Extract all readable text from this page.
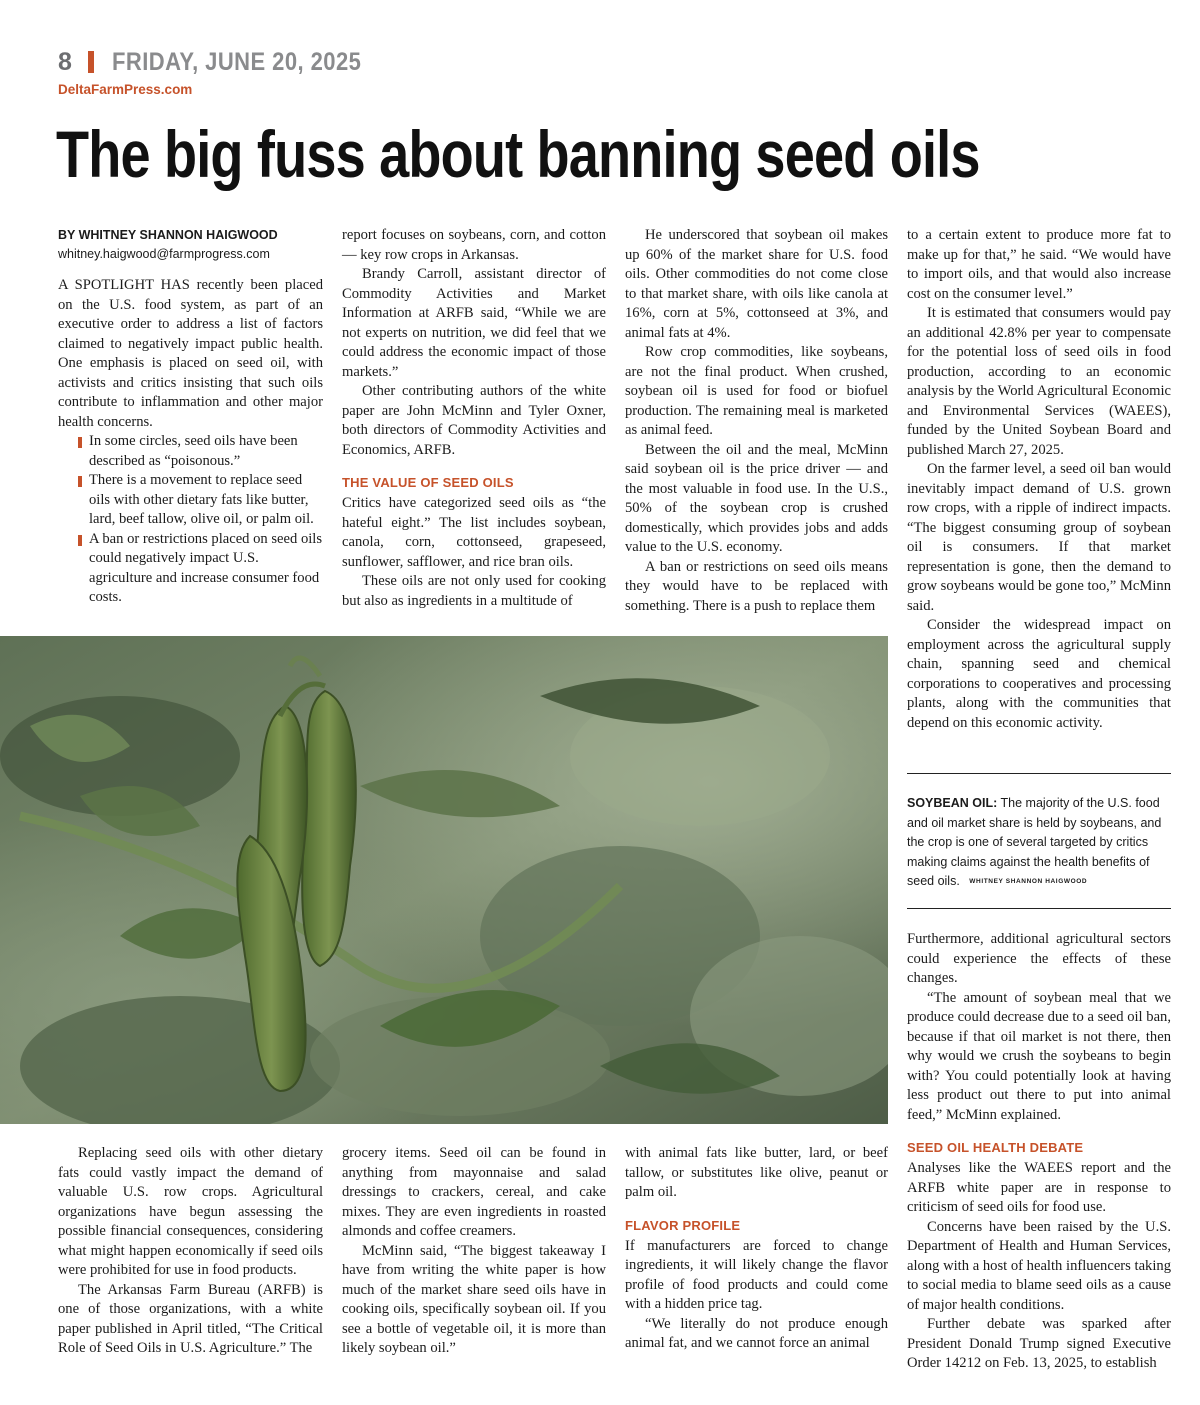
8 FRIDAY, JUNE 20, 2025
DeltaFarmPress.com
The big fuss about banning seed oils
BY WHITNEY SHANNON HAIGWOOD
whitney.haigwood@farmprogress.com

A SPOTLIGHT HAS recently been placed on the U.S. food system, as part of an executive order to address a list of factors claimed to negatively impact public health. One emphasis is placed on seed oil, with activists and critics insisting that such oils contribute to inflammation and other major health concerns.

In some circles, seed oils have been described as “poisonous.”
There is a movement to replace seed oils with other dietary fats like butter, lard, beef tallow, olive oil, or palm oil.
A ban or restrictions placed on seed oils could negatively impact U.S. agriculture and increase consumer food costs.

report focuses on soybeans, corn, and cotton — key row crops in Arkansas.

Brandy Carroll, assistant director of Commodity Activities and Market Information at ARFB said, “While we are not experts on nutrition, we did feel that we could address the economic impact of those markets.”

Other contributing authors of the white paper are John McMinn and Tyler Oxner, both directors of Commodity Activities and Economics, ARFB.

THE VALUE OF SEED OILS

Critics have categorized seed oils as “the hateful eight.” The list includes soybean, canola, corn, cottonseed, grapeseed, sunflower, safflower, and rice bran oils.

These oils are not only used for cooking but also as ingredients in a multitude of

He underscored that soybean oil makes up 60% of the market share for U.S. food oils. Other commodities do not come close to that market share, with oils like canola at 16%, corn at 5%, cottonseed at 3%, and animal fats at 4%.

Row crop commodities, like soybeans, are not the final product. When crushed, soybean oil is used for food or biofuel production. The remaining meal is marketed as animal feed.

Between the oil and the meal, McMinn said soybean oil is the price driver — and the most valuable in food use. In the U.S., 50% of the soybean crop is crushed domestically, which provides jobs and adds value to the U.S. economy.

A ban or restrictions on seed oils means they would have to be replaced with something. There is a push to replace them

to a certain extent to produce more fat to make up for that,” he said. “We would have to import oils, and that would also increase cost on the consumer level.”

It is estimated that consumers would pay an additional 42.8% per year to compensate for the potential loss of seed oils in food production, according to an economic analysis by the World Agricultural Economic and Environmental Services (WAEES), funded by the United Soybean Board and published March 27, 2025.

On the farmer level, a seed oil ban would inevitably impact demand of U.S. grown row crops, with a ripple of indirect impacts. “The biggest consuming group of soybean oil is consumers. If that market representation is gone, then the demand to grow soybeans would be gone too,” McMinn said.

Consider the widespread impact on employment across the agricultural supply chain, spanning seed and chemical corporations to cooperatives and processing plants, along with the communities that depend on this economic activity.

SOYBEAN OIL: The majority of the U.S. food and oil market share is held by soybeans, and the crop is one of several targeted by critics making claims against the health benefits of seed oils. WHITNEY SHANNON HAIGWOOD

Furthermore, additional agricultural sectors could experience the effects of these changes.

“The amount of soybean meal that we produce could decrease due to a seed oil ban, because if that oil market is not there, then why would we crush the soybeans to begin with? You could potentially look at having less product out there to put into animal feed,” McMinn explained.

SEED OIL HEALTH DEBATE

Analyses like the WAEES report and the ARFB white paper are in response to criticism of seed oils for food use.

Concerns have been raised by the U.S. Department of Health and Human Services, along with a host of health influencers taking to social media to blame seed oils as a cause of major health conditions.

Further debate was sparked after President Donald Trump signed Executive Order 14212 on Feb. 13, 2025, to establish

Replacing seed oils with other dietary fats could vastly impact the demand of valuable U.S. row crops. Agricultural organizations have begun assessing the possible financial consequences, considering what might happen economically if seed oils were prohibited for use in food products.

The Arkansas Farm Bureau (ARFB) is one of those organizations, with a white paper published in April titled, “The Critical Role of Seed Oils in U.S. Agriculture.” The

grocery items. Seed oil can be found in anything from mayonnaise and salad dressings to crackers, cereal, and cake mixes. They are even ingredients in roasted almonds and coffee creamers.

McMinn said, “The biggest takeaway I have from writing the white paper is how much of the market share seed oils have in cooking oils, specifically soybean oil. If you see a bottle of vegetable oil, it is more than likely soybean oil.”

with animal fats like butter, lard, or beef tallow, or substitutes like olive, peanut or palm oil.

FLAVOR PROFILE

If manufacturers are forced to change ingredients, it will likely change the flavor profile of food products and could come with a hidden price tag.

“We literally do not produce enough animal fat, and we cannot force an animal
